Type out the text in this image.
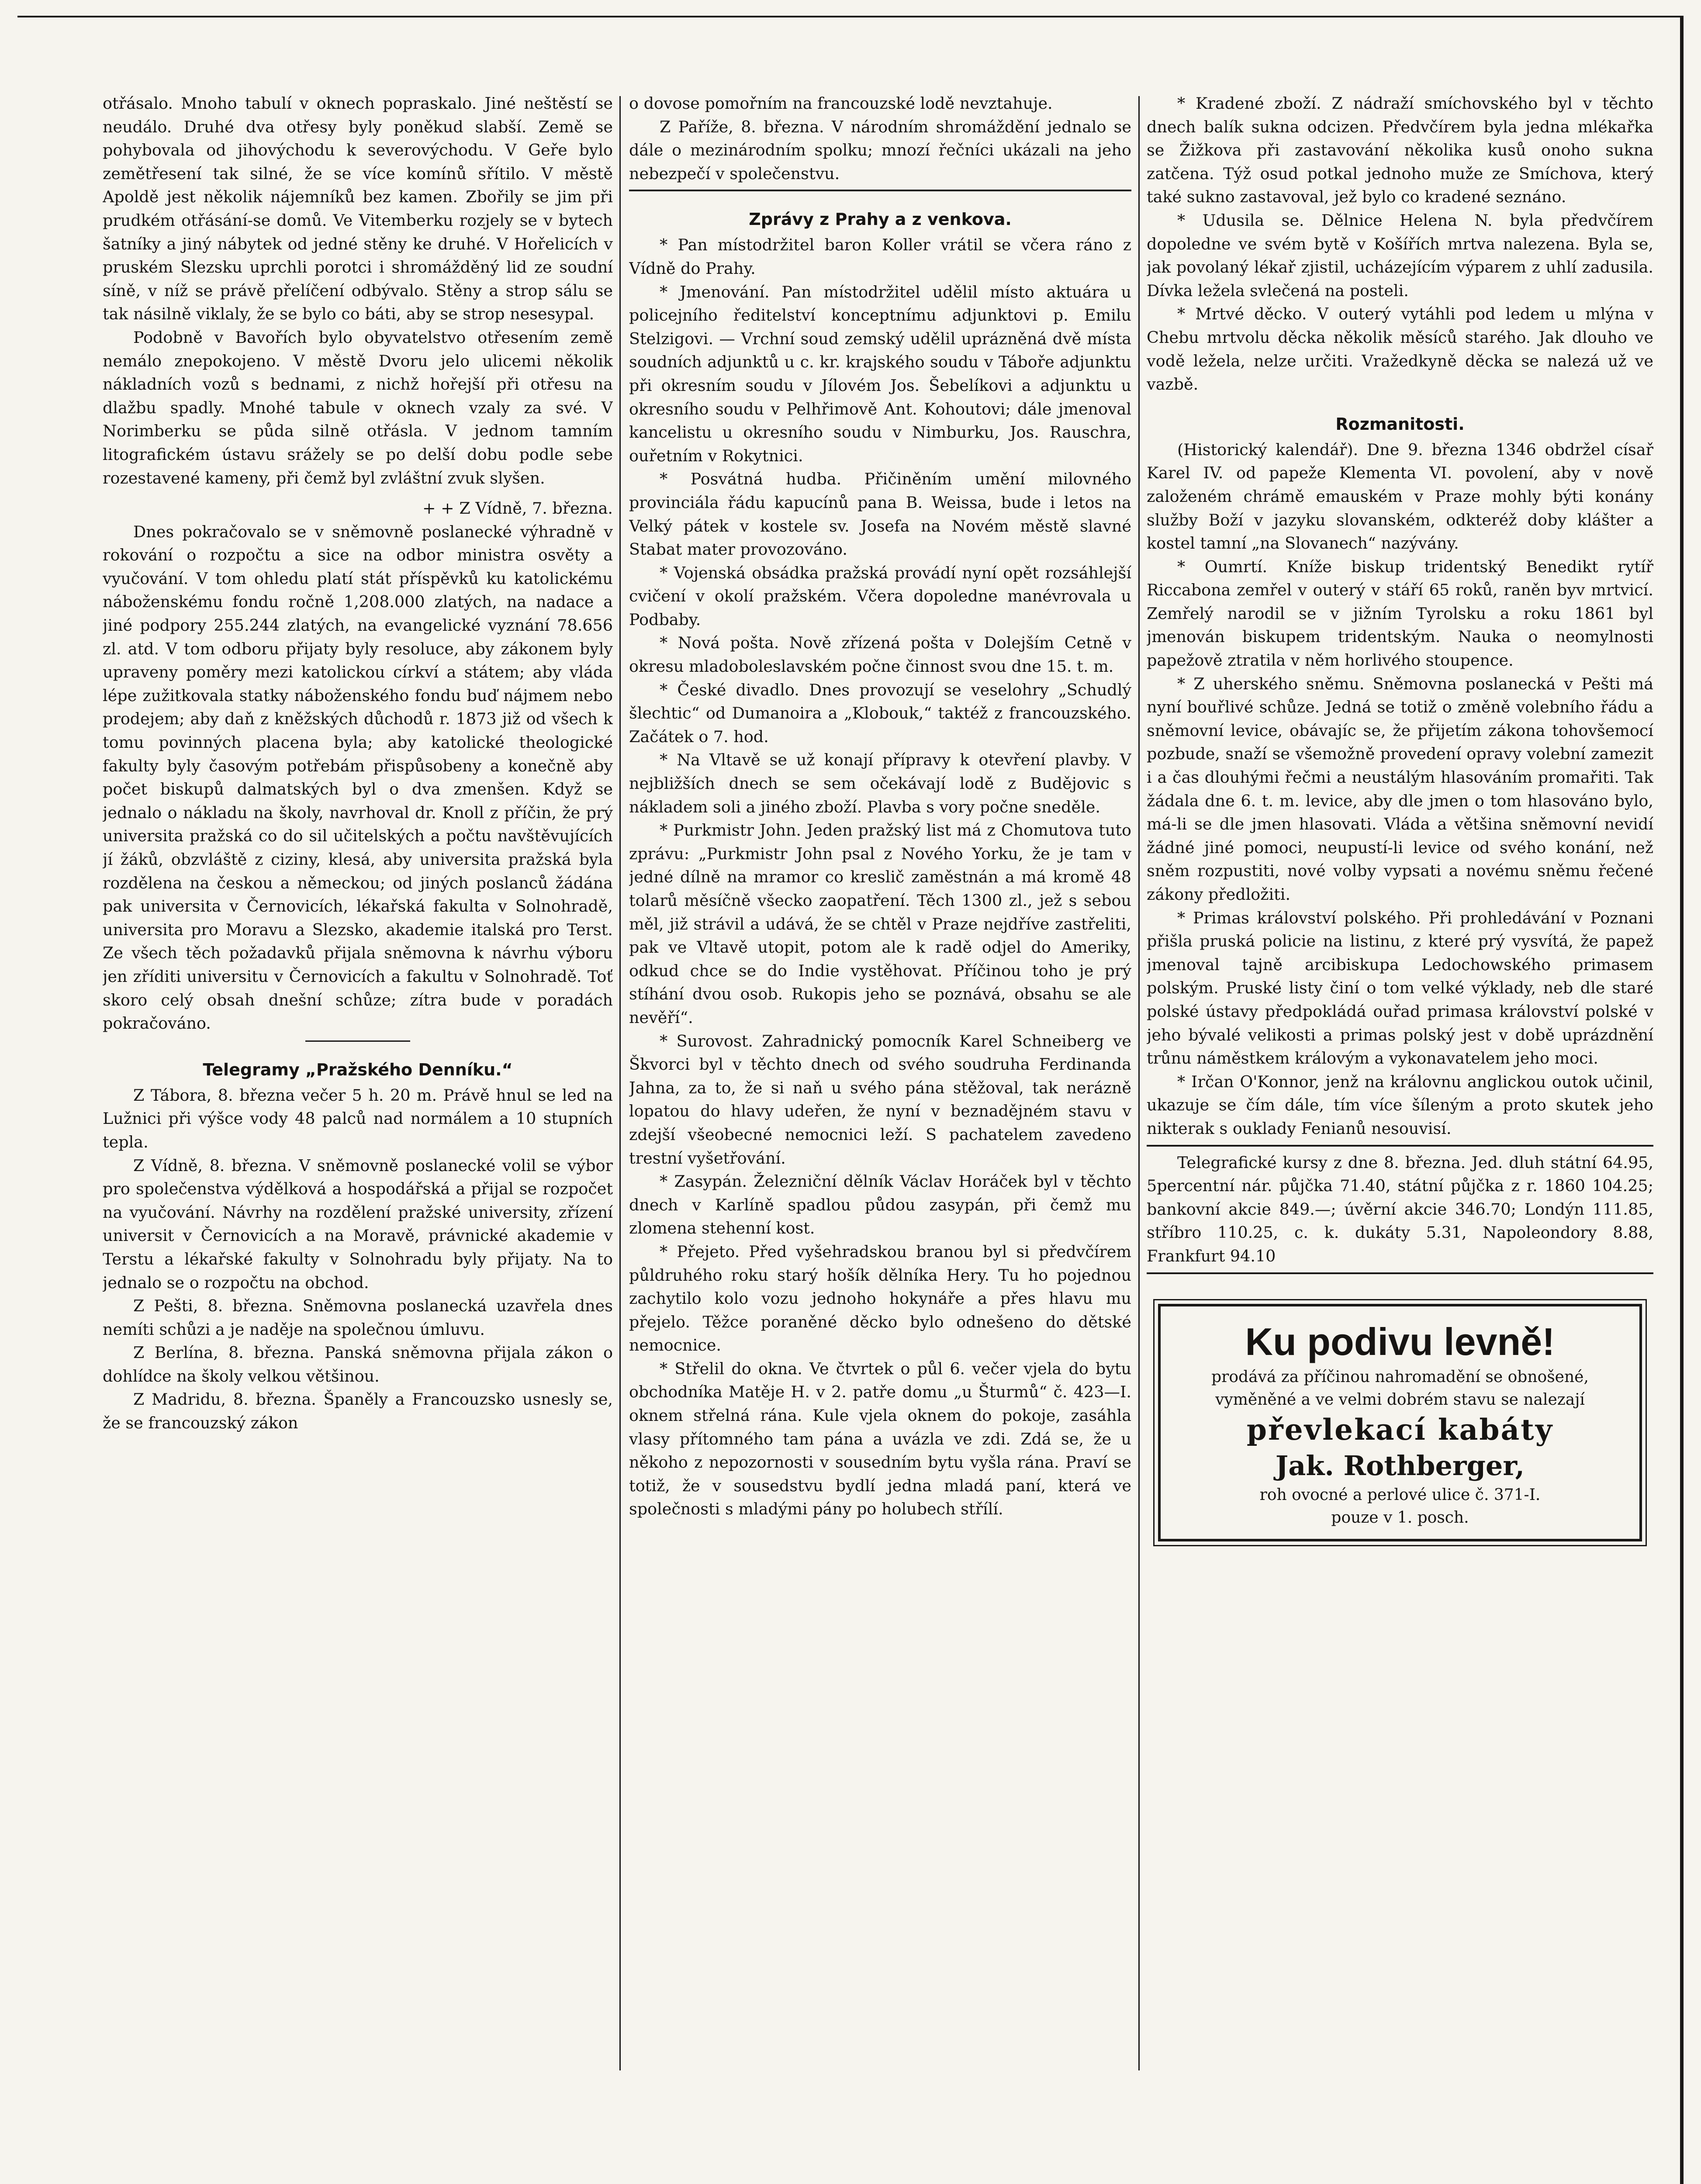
otřásalo. Mnoho tabulí v oknech popraskalo. Jiné neštěstí se neudálo. Druhé dva otřesy byly poněkud slabší. Země se pohybovala od jihovýchodu k severovýchodu. V Geře bylo zemětřesení tak silné, že se více komínů sřítilo. V městě Apoldě jest několik nájemníků bez kamen. Zbořily se jim při prudkém otřásání-se domů. Ve Vitemberku rozjely se v bytech šatníky a jiný nábytek od jedné stěny ke druhé. V Hořelicích v pruském Slezsku uprchli porotci i shromážděný lid ze soudní síně, v níž se právě přelíčení odbývalo. Stěny a strop sálu se tak násilně viklaly, že se bylo co báti, aby se strop nesesypal.

Podobně v Bavořích bylo obyvatelstvo otřesením země nemálo znepokojeno. V městě Dvoru jelo ulicemi několik nákladních vozů s bednami, z nichž hořejší při otřesu na dlažbu spadly. Mnohé tabule v oknech vzaly za své. V Norimberku se půda silně otřásla. V jednom tamním litografickém ústavu srážely se po delší dobu podle sebe rozestavené kameny, při čemž byl zvláštní zvuk slyšen.

+ + Z Vídně, 7. března.

Dnes pokračovalo se v sněmovně poslanecké výhradně v rokování o rozpočtu a sice na odbor ministra osvěty a vyučování. V tom ohledu platí stát příspěvků ku katolickému náboženskému fondu ročně 1,208.000 zlatých, na nadace a jiné podpory 255.244 zlatých, na evangelické vyznání 78.656 zl. atd. V tom odboru přijaty byly resoluce, aby zákonem byly upraveny poměry mezi katolickou církví a státem; aby vláda lépe zužitkovala statky náboženského fondu buď nájmem nebo prodejem; aby daň z kněžských důchodů r. 1873 již od všech k tomu povinných placena byla; aby katolické theologické fakulty byly časovým potřebám přispůsobeny a konečně aby počet biskupů dalmatských byl o dva zmenšen. Když se jednalo o nákladu na školy, navrhoval dr. Knoll z příčin, že prý universita pražská co do sil učitelských a počtu navštěvujících jí žáků, obzvláště z ciziny, klesá, aby universita pražská byla rozdělena na českou a německou; od jiných poslanců žádána pak universita v Černovicích, lékařská fakulta v Solnohradě, universita pro Moravu a Slezsko, akademie italská pro Terst. Ze všech těch požadavků přijala sněmovna k návrhu výboru jen zříditi universitu v Černovicích a fakultu v Solnohradě. Toť skoro celý obsah dnešní schůze; zítra bude v poradách pokračováno.

Telegramy „Pražského Denníku.“

Z Tábora, 8. března večer 5 h. 20 m. Právě hnul se led na Lužnici při výšce vody 48 palců nad normálem a 10 stupních tepla.

Z Vídně, 8. března. V sněmovně poslanecké volil se výbor pro společenstva výdělková a hospodářská a přijal se rozpočet na vyučování. Návrhy na rozdělení pražské university, zřízení universit v Černovicích a na Moravě, právnické akademie v Terstu a lékařské fakulty v Solnohradu byly přijaty. Na to jednalo se o rozpočtu na obchod.

Z Pešti, 8. března. Sněmovna poslanecká uzavřela dnes nemíti schůzi a je naděje na společnou úmluvu.

Z Berlína, 8. března. Panská sněmovna přijala zákon o dohlídce na školy velkou většinou.

Z Madridu, 8. března. Španěly a Francouzsko usnesly se, že se francouzský zákon

o dovose pomořním na francouzské lodě nevztahuje.

Z Paříže, 8. března. V národním shromáždění jednalo se dále o mezinárodním spolku; mnozí řečníci ukázali na jeho nebezpečí v společenstvu.

Zprávy z Prahy a z venkova.

* Pan místodržitel baron Koller vrátil se včera ráno z Vídně do Prahy.

* Jmenování. Pan místodržitel udělil místo aktuára u policejního ředitelství konceptnímu adjunktovi p. Emilu Stelzigovi. — Vrchní soud zemský udělil uprázněná dvě místa soudních adjunktů u c. kr. krajského soudu v Táboře adjunktu při okresním soudu v Jílovém Jos. Šebelíkovi a adjunktu u okresního soudu v Pelhřimově Ant. Kohoutovi; dále jmenoval kancelistu u okresního soudu v Nimburku, Jos. Rauschra, ouřetním v Rokytnici.

* Posvátná hudba. Přičiněním umění milovného provinciála řádu kapucínů pana B. Weissa, bude i letos na Velký pátek v kostele sv. Josefa na Novém městě slavné Stabat mater provozováno.

* Vojenská obsádka pražská provádí nyní opět rozsáhlejší cvičení v okolí pražském. Včera dopoledne manévrovala u Podbaby.

* Nová pošta. Nově zřízená pošta v Dolejším Cetně v okresu mladoboleslavském počne činnost svou dne 15. t. m.

* České divadlo. Dnes provozují se veselohry „Schudlý šlechtic“ od Dumanoira a „Klobouk,“ taktéž z francouzského. Začátek o 7. hod.

* Na Vltavě se už konají přípravy k otevření plavby. V nejbližších dnech se sem očekávají lodě z Budějovic s nákladem soli a jiného zboží. Plavba s vory počne sneděle.

* Purkmistr John. Jeden pražský list má z Chomutova tuto zprávu: „Purkmistr John psal z Nového Yorku, že je tam v jedné dílně na mramor co kreslič zaměstnán a má kromě 48 tolarů měsíčně všecko zaopatření. Těch 1300 zl., jež s sebou měl, již strávil a udává, že se chtěl v Praze nejdříve zastřeliti, pak ve Vltavě utopit, potom ale k radě odjel do Ameriky, odkud chce se do Indie vystěhovat. Příčinou toho je prý stíhání dvou osob. Rukopis jeho se poznává, obsahu se ale nevěří“.

* Surovost. Zahradnický pomocník Karel Schneiberg ve Škvorci byl v těchto dnech od svého soudruha Ferdinanda Jahna, za to, že si naň u svého pána stěžoval, tak nerázně lopatou do hlavy udeřen, že nyní v beznadějném stavu v zdejší všeobecné nemocnici leží. S pachatelem zavedeno trestní vyšetřování.

* Zasypán. Železniční dělník Václav Horáček byl v těchto dnech v Karlíně spadlou půdou zasypán, při čemž mu zlomena stehenní kost.

* Přejeto. Před vyšehradskou branou byl si předvčírem půldruhého roku starý hošík dělníka Hery. Tu ho pojednou zachytilo kolo vozu jednoho hokynáře a přes hlavu mu přejelo. Těžce poraněné děcko bylo odnešeno do dětské nemocnice.

* Střelil do okna. Ve čtvrtek o půl 6. večer vjela do bytu obchodníka Matěje H. v 2. patře domu „u Šturmů“ č. 423—I. oknem střelná rána. Kule vjela oknem do pokoje, zasáhla vlasy přítomného tam pána a uvázla ve zdi. Zdá se, že u někoho z nepozornosti v sousedním bytu vyšla rána. Praví se totiž, že v sousedstvu bydlí jedna mladá paní, která ve společnosti s mladými pány po holubech střílí.

* Kradené zboží. Z nádraží smíchovského byl v těchto dnech balík sukna odcizen. Předvčírem byla jedna mlékařka se Žižkova při zastavování několika kusů onoho sukna zatčena. Týž osud potkal jednoho muže ze Smíchova, který také sukno zastavoval, jež bylo co kradené seznáno.

* Udusila se. Dělnice Helena N. byla předvčírem dopoledne ve svém bytě v Košířích mrtva nalezena. Byla se, jak povolaný lékař zjistil, ucházejícím výparem z uhlí zadusila. Dívka ležela svlečená na posteli.

* Mrtvé děcko. V outerý vytáhli pod ledem u mlýna v Chebu mrtvolu děcka několik měsíců starého. Jak dlouho ve vodě ležela, nelze určiti. Vražedkyně děcka se nalezá už ve vazbě.

Rozmanitosti.

(Historický kalendář). Dne 9. března 1346 obdržel císař Karel IV. od papeže Klementa VI. povolení, aby v nově založeném chrámě emauském v Praze mohly býti konány služby Boží v jazyku slovanském, odkteréž doby klášter a kostel tamní „na Slovanech“ nazývány.

* Oumrtí. Kníže biskup tridentský Benedikt rytíř Riccabona zemřel v outerý v stáří 65 roků, raněn byv mrtvicí. Zemřelý narodil se v jižním Tyrolsku a roku 1861 byl jmenován biskupem tridentským. Nauka o neomylnosti papežově ztratila v něm horlivého stoupence.

* Z uherského sněmu. Sněmovna poslanecká v Pešti má nyní bouřlivé schůze. Jedná se totiž o změně volebního řádu a sněmovní levice, obávajíc se, že přijetím zákona tohovšemocí pozbude, snaží se všemožně provedení opravy volební zamezit i a čas dlouhými řečmi a neustálým hlasováním promařiti. Tak žádala dne 6. t. m. levice, aby dle jmen o tom hlasováno bylo, má-li se dle jmen hlasovati. Vláda a většina sněmovní nevidí žádné jiné pomoci, neupustí-li levice od svého konání, než sněm rozpustiti, nové volby vypsati a novému sněmu řečené zákony předložiti.

* Primas království polského. Při prohledávání v Poznani přišla pruská policie na listinu, z které prý vysvítá, že papež jmenoval tajně arcibiskupa Ledochowského primasem polským. Pruské listy činí o tom velké výklady, neb dle staré polské ústavy předpokládá ouřad primasa království polské v jeho bývalé velikosti a primas polský jest v době uprázdnění trůnu náměstkem královým a vykonavatelem jeho moci.

* Irčan O'Konnor, jenž na královnu anglickou outok učinil, ukazuje se čím dále, tím více šíleným a proto skutek jeho nikterak s ouklady Fenianů nesouvisí.

Telegrafické kursy z dne 8. března. Jed. dluh státní 64.95, 5percentní nár. půjčka 71.40, státní půjčka z r. 1860 104.25; bankovní akcie 849.—; úvěrní akcie 346.70; Londýn 111.85, stříbro 110.25, c. k. dukáty 5.31, Napoleondory 8.88, Frankfurt 94.10

Ku podivu levně!
prodává za příčinou nahromadění se obnošené, vyměněné a ve velmi dobrém stavu se nalezají
převlekací kabáty
Jak. Rothberger,
roh ovocné a perlové ulice č. 371-I.
pouze v 1. posch.
